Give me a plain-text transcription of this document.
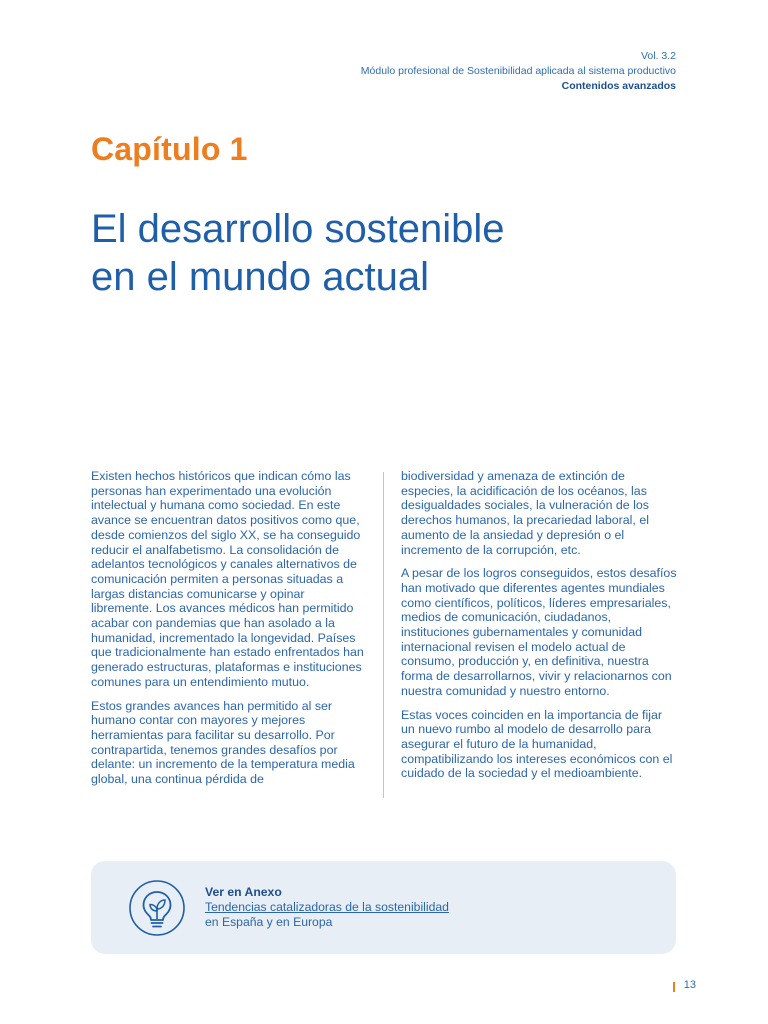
Vol. 3.2
Módulo profesional de Sostenibilidad aplicada al sistema productivo
Contenidos avanzados
Capítulo 1
El desarrollo sostenible
en el mundo actual

Existen hechos históricos que indican cómo las personas han experimentado una evolución intelectual y humana como sociedad. En este avance se encuentran datos positivos como que, desde comienzos del siglo XX, se ha conseguido reducir el analfabetismo. La consolidación de adelantos tecnológicos y canales alternativos de comunicación permiten a personas situadas a largas distancias comunicarse y opinar libremente. Los avances médicos han permitido acabar con pandemias que han asolado a la humanidad, incrementado la longevidad. Países que tradicionalmente han estado enfrentados han generado estructuras, plataformas e instituciones comunes para un entendimiento mutuo.

Estos grandes avances han permitido al ser humano contar con mayores y mejores herramientas para facilitar su desarrollo. Por contrapartida, tenemos grandes desafíos por delante: un incremento de la temperatura media global, una continua pérdida de

biodiversidad y amenaza de extinción de especies, la acidificación de los océanos, las desigualdades sociales, la vulneración de los derechos humanos, la precariedad laboral, el aumento de la ansiedad y depresión o el incremento de la corrupción, etc.

A pesar de los logros conseguidos, estos desafíos han motivado que diferentes agentes mundiales como científicos, políticos, líderes empresariales, medios de comunicación, ciudadanos, instituciones gubernamentales y comunidad internacional revisen el modelo actual de consumo, producción y, en definitiva, nuestra forma de desarrollarnos, vivir y relacionarnos con nuestra comunidad y nuestro entorno.

Estas voces coinciden en la importancia de fijar un nuevo rumbo al modelo de desarrollo para asegurar el futuro de la humanidad, compatibilizando los intereses económicos con el cuidado de la sociedad y el medioambiente.

Ver en Anexo
Tendencias catalizadoras de la sostenibilidad
en España y en Europa
13
